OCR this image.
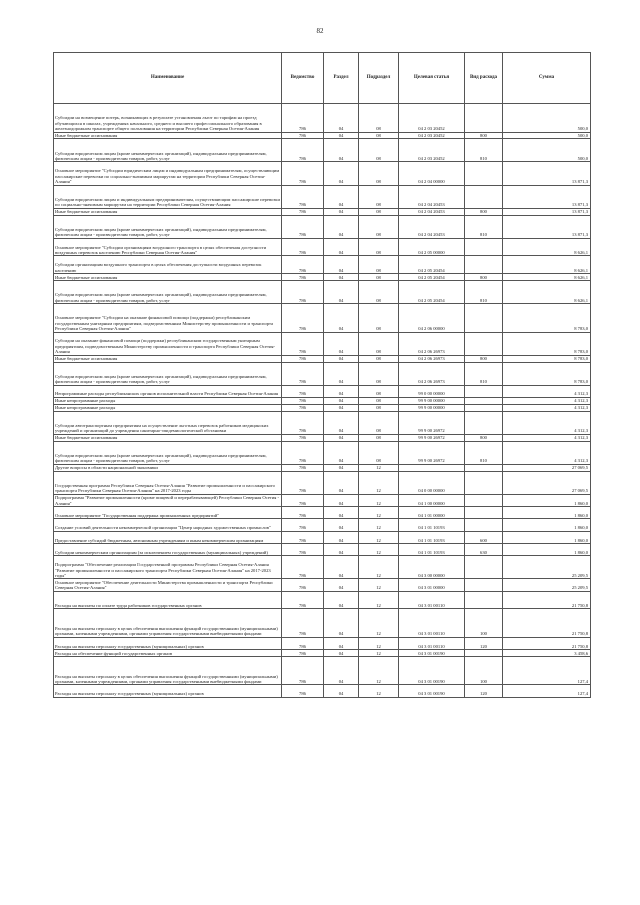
82
Наименование	Ведомство	Раздел	Подраздел	Целевая статья	Вид расхода	Сумма
Субсидии на возмещение потерь, возникающих в результате установления льгот по тарифам на проезд обучающихся в школах, учреждениях начального, среднего и высшего профессионального образования в железнодорожном транспорте общего пользования на территории Республики Северная Осетия-Алания	786	04	08	04 2 03 20452		500,0
Иные бюджетные ассигнования	786	04	08	04 2 03 20452	800	500,0
Субсидии юридическим лицам (кроме некоммерческих организаций), индивидуальным предпринимателям, физическим лицам - производителям товаров, работ, услуг	786	04	08	04 2 03 20452	810	500,0
Основное мероприятие "Субсидии юридическим лицам и индивидуальным предпринимателям, осуществляющим пассажирские перевозки по социально-значимым маршрутам на территории Республики Северная Осетия-Алания"	786	04	08	04 2 04 00000		13 871,3
Субсидии юридическим лицам и индивидуальным предпринимателям, осуществляющим пассажирские перевозки по социально-значимым маршрутам на территории Республики Северная Осетия-Алания	786	04	08	04 2 04 20453		13 871,3
Иные бюджетные ассигнования	786	04	08	04 2 04 20453	800	13 871,3
Субсидии юридическим лицам (кроме некоммерческих организаций), индивидуальным предпринимателям, физическим лицам - производителям товаров, работ, услуг	786	04	08	04 2 04 20453	810	13 871,3
Основное мероприятие "Субсидии организациям воздушного транспорта в целях обеспечения доступности воздушных перевозок населению Республики Северная Осетия-Алания"	786	04	08	04 2 05 00000		8 626,1
Субсидии организациям воздушного транспорта в целях обеспечения доступности воздушных перевозок населению	786	04	08	04 2 05 20454		8 626,1
Иные бюджетные ассигнования	786	04	08	04 2 05 20454	800	8 626,1
Субсидии юридическим лицам (кроме некоммерческих организаций), индивидуальным предпринимателям, физическим лицам - производителям товаров, работ, услуг	786	04	08	04 2 05 20454	810	8 626,1
Основное мероприятие "Субсидии на оказание финансовой помощи (поддержки) республиканским государственным унитарным предприятиям, подведомственным Министерству промышленности и транспорта Республики Северная Осетия-Алания"	786	04	08	04 2 06 00000		8 783,0
Субсидии на оказание финансовой помощи (поддержки) республиканским государственным унитарным предприятиям, подведомственным Министерству промышленности и транспорта Республики Северная Осетия-Алания	786	04	08	04 2 06 26973		8 783,0
Иные бюджетные ассигнования	786	04	08	04 2 06 26973	800	8 783,0
Субсидии юридическим лицам (кроме некоммерческих организаций), индивидуальным предпринимателям, физическим лицам - производителям товаров, работ, услуг	786	04	08	04 2 06 26973	810	8 783,0
Непрограммные расходы республиканских органов исполнительной власти Республики Северная Осетия-Алания	786	04	08	99 0 00 00000		4 312,3
Иные непрограммные расходы	786	04	08	99 9 00 00000		4 312,3
Иные непрограммные расходы	786	04	08	99 9 00 00000		4 312,3
Субсидии автотранспортным предприятиям на осуществление льготных перевозок работников медицинских учреждений и организаций до учреждения санитарно-эпидемиологической обстановки	786	04	08	99 9 00 26972		4 312,3
Иные бюджетные ассигнования	786	04	08	99 9 00 26972	800	4 312,3
Субсидии юридическим лицам (кроме некоммерческих организаций), индивидуальным предпринимателям, физическим лицам - производителям товаров, работ, услуг	786	04	08	99 9 00 26972	810	4 312,3
Другие вопросы в области национальной экономики	786	04	12			27 069,5
Государственная программа Республики Северная Осетия-Алания "Развитие промышленности и пассажирского транспорта Республики Северная Осетия-Алания" на 2017-2023 годы	786	04	12	04 0 00 00000		27 069,5
Подпрограмма "Развитие промышленности (кроме пищевой и перерабатывающей) Республики Северная Осетия - Алания"	786	04	12	04 1 00 00000		1 860,0
Основное мероприятие "Государственная поддержка промышленных предприятий"	786	04	12	04 1 01 00000		1 860,0
Создание условий деятельности некоммерческой организации "Центр народных художественных промыслов"	786	04	12	04 1 01 10193		1 860,0
Предоставление субсидий бюджетным, автономным учреждениям и иным некоммерческим организациям	786	04	12	04 1 01 10193	600	1 860,0
Субсидии некоммерческим организациям (за исключением государственных (муниципальных) учреждений)	786	04	12	04 1 01 10193	630	1 860,0
Подпрограмма "Обеспечение реализации Государственной программы Республики Северная Осетия-Алания "Развитие промышленности и пассажирского транспорта Республики Северная Осетия-Алания" на 2017-2023 годы"	786	04	12	04 3 00 00000		25 209,5
Основное мероприятие "Обеспечение деятельности Министерства промышленности и транспорта Республики Северная Осетия-Алания"	786	04	12	04 3 01 00000		25 209,5
Расходы на выплаты по оплате труда работников государственных органов	786	04	12	04 3 01 00110		21 750,8
Расходы на выплаты персоналу в целях обеспечения выполнения функций государственными (муниципальными) органами, казенными учреждениями, органами управления государственными внебюджетными фондами	786	04	12	04 3 01 00110	100	21 750,8
Расходы на выплаты персоналу государственных (муниципальных) органов	786	04	12	04 3 01 00110	120	21 750,8
Расходы на обеспечение функций государственных органов	786	04	12	04 3 01 00190		3 458,6
Расходы на выплаты персоналу в целях обеспечения выполнения функций государственными (муниципальными) органами, казенными учреждениями, органами управления государственными внебюджетными фондами	786	04	12	04 3 01 00190	100	127,4
Расходы на выплаты персоналу государственных (муниципальных) органов	786	04	12	04 3 01 00190	120	127,4
